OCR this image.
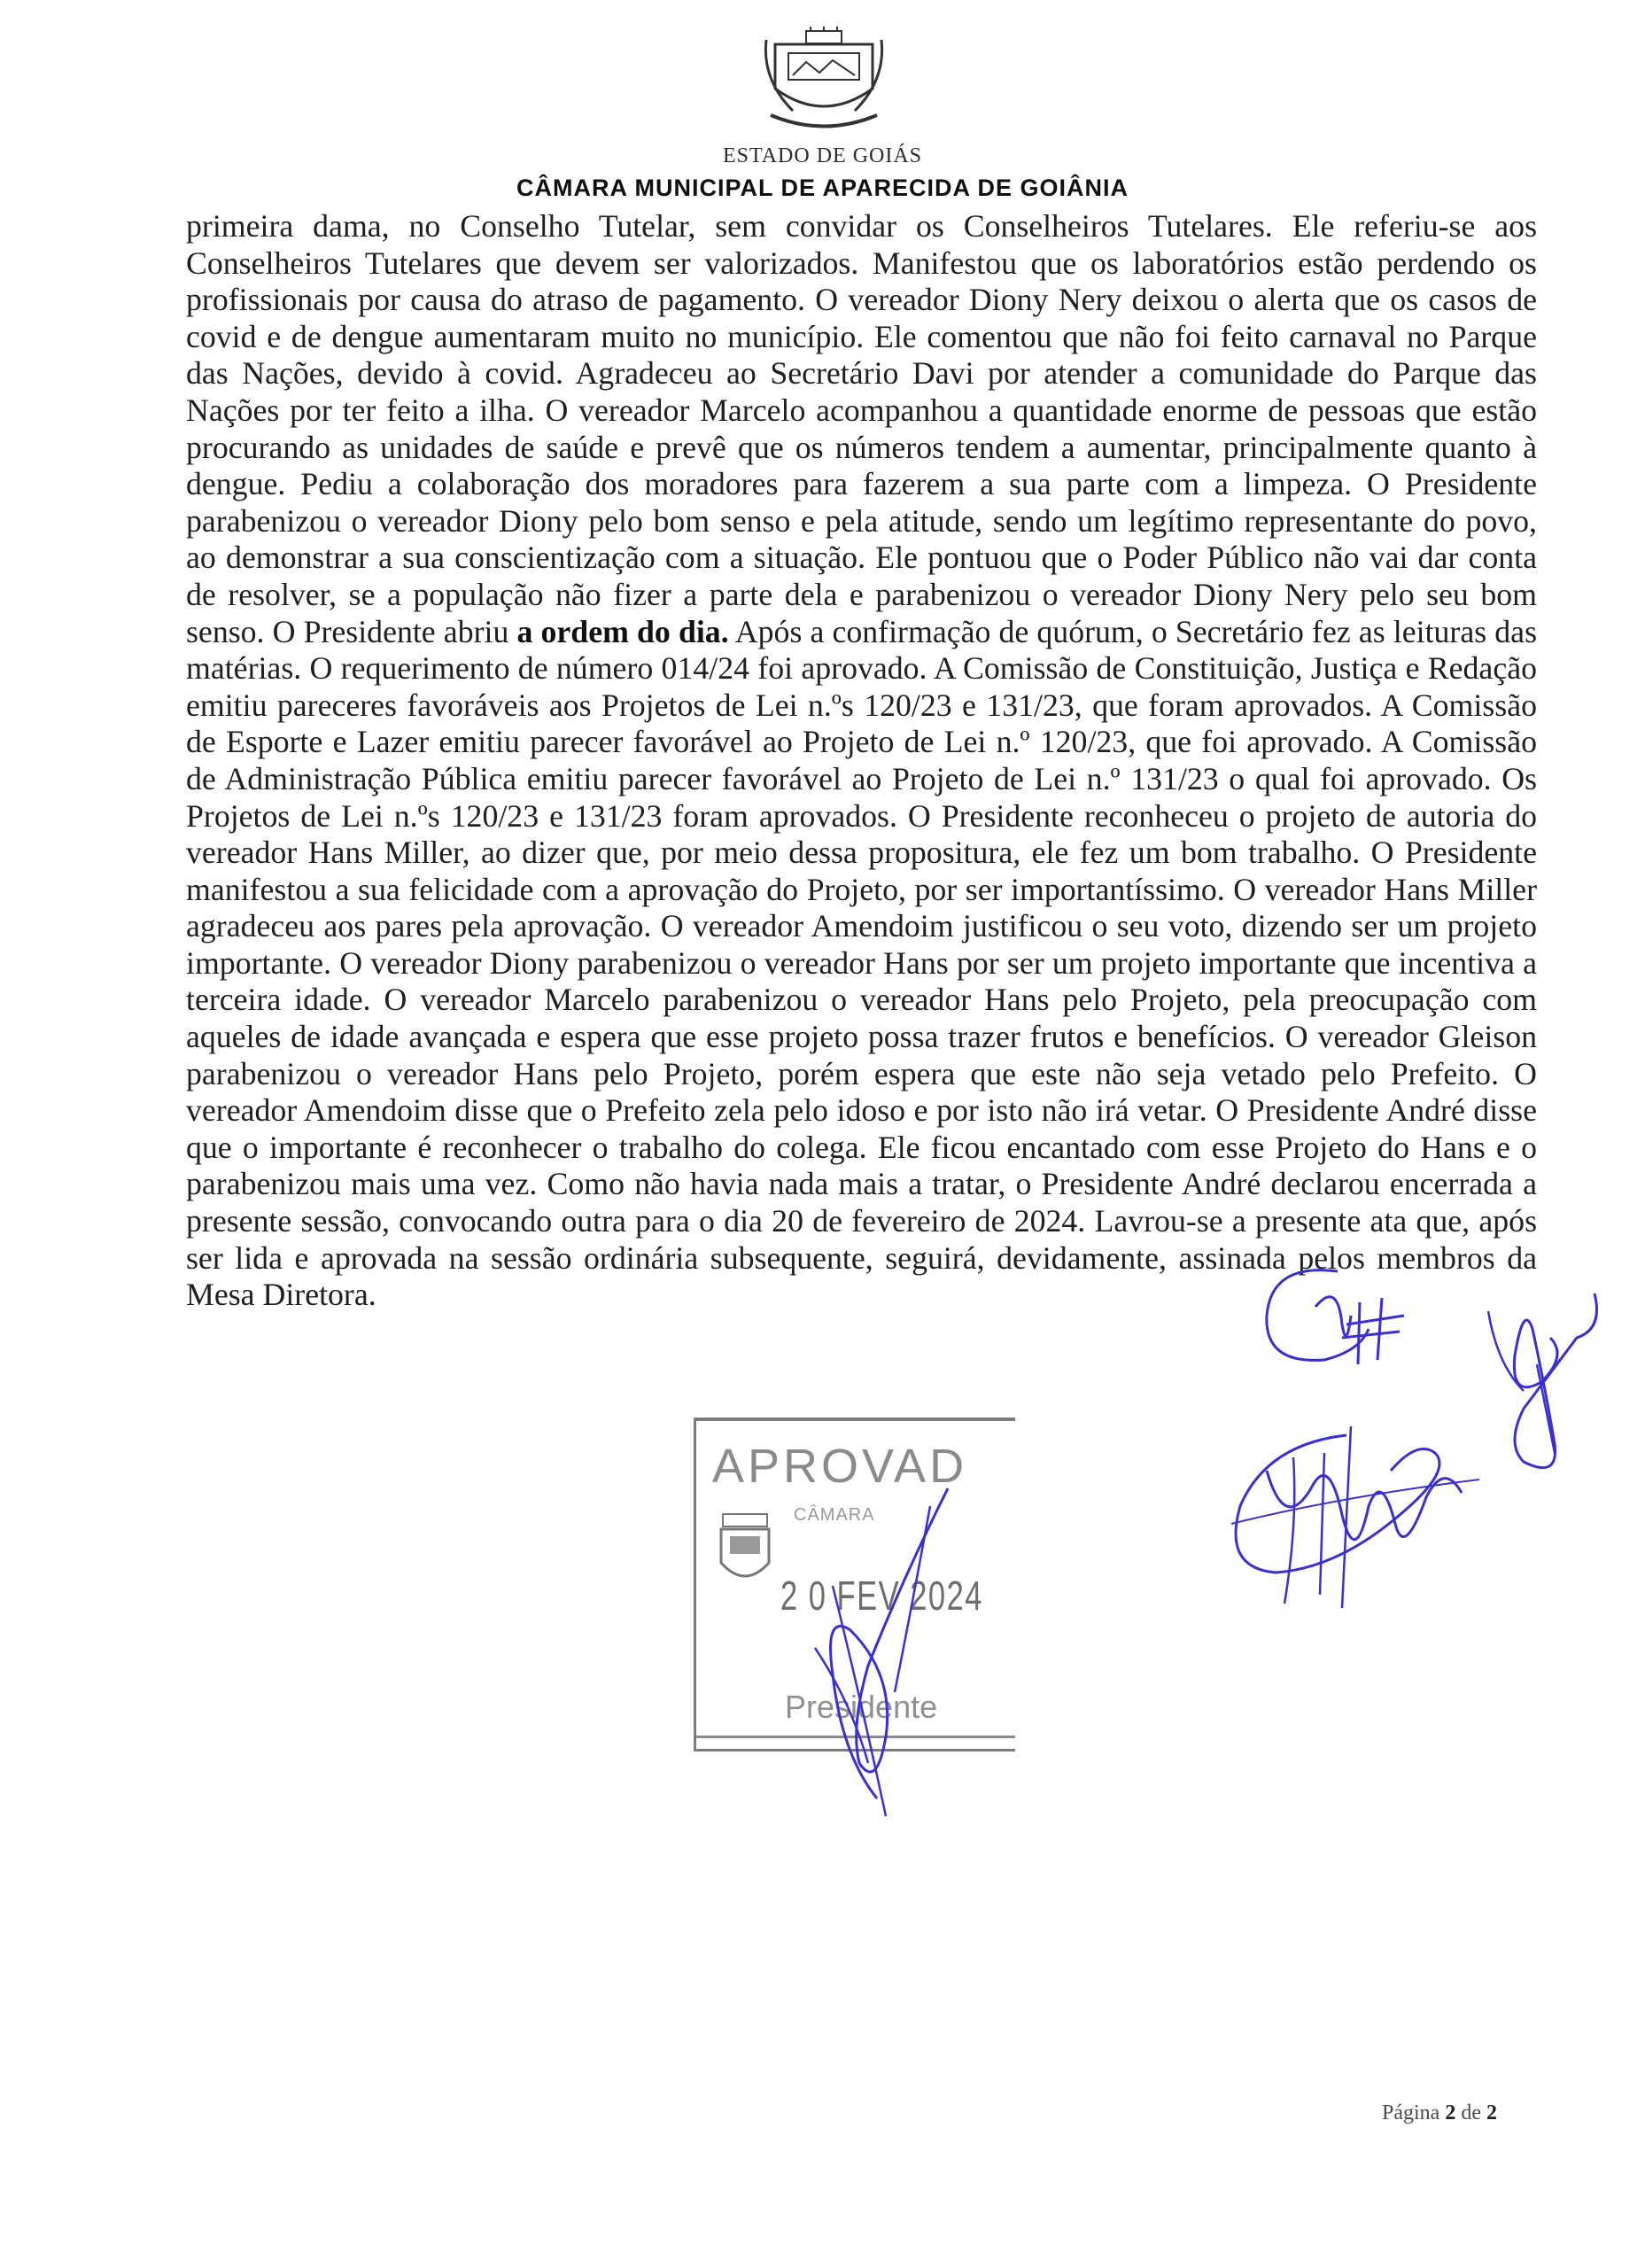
ESTADO DE GOIÁS
CÂMARA MUNICIPAL DE APARECIDA DE GOIÂNIA

primeira dama, no Conselho Tutelar, sem convidar os Conselheiros Tutelares. Ele referiu-se aos Conselheiros Tutelares que devem ser valorizados. Manifestou que os laboratórios estão perdendo os profissionais por causa do atraso de pagamento. O vereador Diony Nery deixou o alerta que os casos de covid e de dengue aumentaram muito no município. Ele comentou que não foi feito carnaval no Parque das Nações, devido à covid. Agradeceu ao Secretário Davi por atender a comunidade do Parque das Nações por ter feito a ilha. O vereador Marcelo acompanhou a quantidade enorme de pessoas que estão procurando as unidades de saúde e prevê que os números tendem a aumentar, principalmente quanto à dengue. Pediu a colaboração dos moradores para fazerem a sua parte com a limpeza. O Presidente parabenizou o vereador Diony pelo bom senso e pela atitude, sendo um legítimo representante do povo, ao demonstrar a sua conscientização com a situação. Ele pontuou que o Poder Público não vai dar conta de resolver, se a população não fizer a parte dela e parabenizou o vereador Diony Nery pelo seu bom senso. O Presidente abriu a ordem do dia. Após a confirmação de quórum, o Secretário fez as leituras das matérias. O requerimento de número 014/24 foi aprovado. A Comissão de Constituição, Justiça e Redação emitiu pareceres favoráveis aos Projetos de Lei n.ºs 120/23 e 131/23, que foram aprovados. A Comissão de Esporte e Lazer emitiu parecer favorável ao Projeto de Lei n.º 120/23, que foi aprovado. A Comissão de Administração Pública emitiu parecer favorável ao Projeto de Lei n.º 131/23 o qual foi aprovado. Os Projetos de Lei n.ºs 120/23 e 131/23 foram aprovados. O Presidente reconheceu o projeto de autoria do vereador Hans Miller, ao dizer que, por meio dessa propositura, ele fez um bom trabalho. O Presidente manifestou a sua felicidade com a aprovação do Projeto, por ser importantíssimo. O vereador Hans Miller agradeceu aos pares pela aprovação. O vereador Amendoim justificou o seu voto, dizendo ser um projeto importante. O vereador Diony parabenizou o vereador Hans por ser um projeto importante que incentiva a terceira idade. O vereador Marcelo parabenizou o vereador Hans pelo Projeto, pela preocupação com aqueles de idade avançada e espera que esse projeto possa trazer frutos e benefícios. O vereador Gleison parabenizou o vereador Hans pelo Projeto, porém espera que este não seja vetado pelo Prefeito. O vereador Amendoim disse que o Prefeito zela pelo idoso e por isto não irá vetar. O Presidente André disse que o importante é reconhecer o trabalho do colega. Ele ficou encantado com esse Projeto do Hans e o parabenizou mais uma vez. Como não havia nada mais a tratar, o Presidente André declarou encerrada a presente sessão, convocando outra para o dia 20 de fevereiro de 2024. Lavrou-se a presente ata que, após ser lida e aprovada na sessão ordinária subsequente, seguirá, devidamente, assinada pelos membros da Mesa Diretora.

APROVAD
CÂMARA
2 0 FEV 2024
Presidente
Página 2 de 2
